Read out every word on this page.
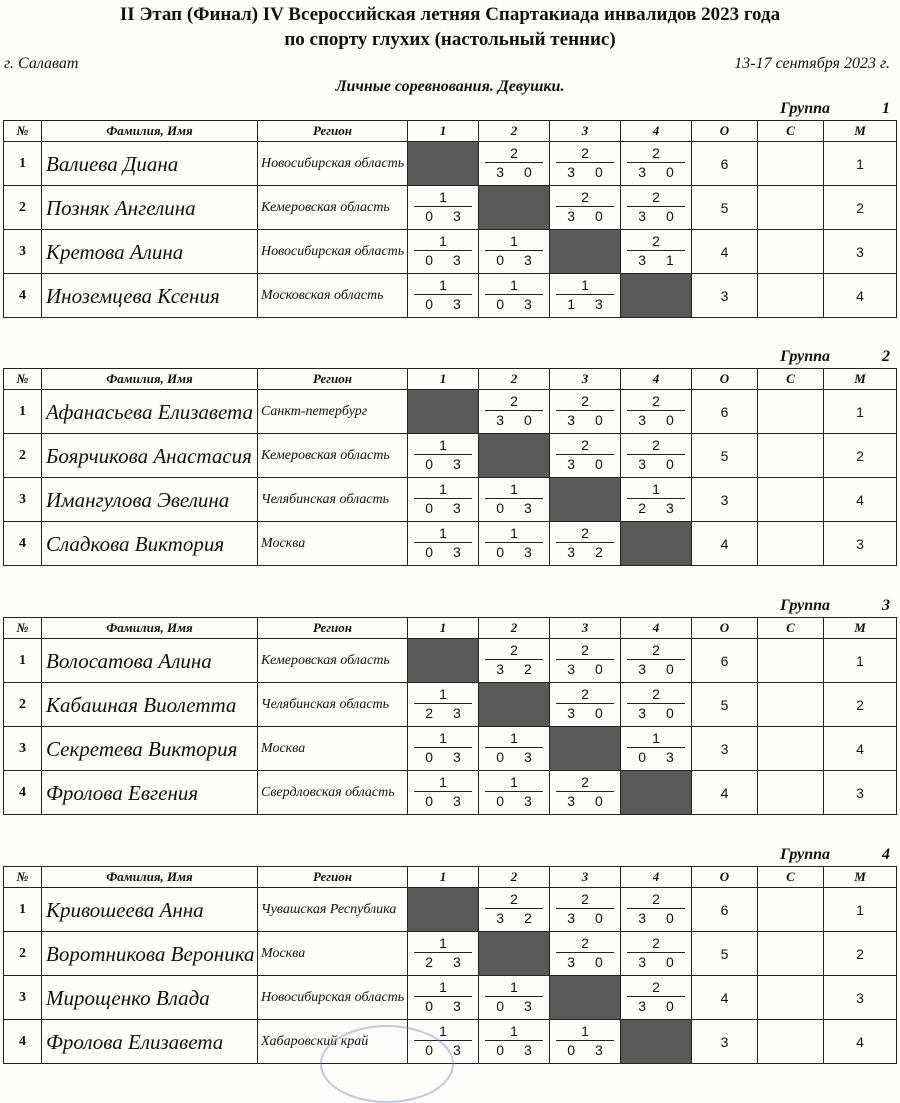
II Этап (Финал) IV Всероссийская летняя Спартакиада инвалидов 2023 года
по спорту глухих (настольный теннис)
г. Салават	13-17 сентября 2023 г.
Личные соревнования. Девушки.
Группа	1
№	Фамилия, Имя	Регион	1	2	3	4	О	С	М
1	Валиева Диана	Новосибирская область		$\frac{2}{3 0}$	$\frac{2}{3 0}$	$\frac{2}{3 0}$	6		1
2	Позняк Ангелина	Кемеровская область	$\frac{1}{0 3}$		$\frac{2}{3 0}$	$\frac{2}{3 0}$	5		2
3	Кретова Алина	Новосибирская область	$\frac{1}{0 3}$	$\frac{1}{0 3}$		$\frac{2}{3 1}$	4		3
4	Иноземцева Ксения	Московская область	$\frac{1}{0 3}$	$\frac{1}{0 3}$	$\frac{1}{1 3}$		3		4
Группа	2
№	Фамилия, Имя	Регион	1	2	3	4	О	С	М
1	Афанасьева Елизавета	Санкт-петербург		$\frac{2}{3 0}$	$\frac{2}{3 0}$	$\frac{2}{3 0}$	6		1
2	Боярчикова Анастасия	Кемеровская область	$\frac{1}{0 3}$		$\frac{2}{3 0}$	$\frac{2}{3 0}$	5		2
3	Имангулова Эвелина	Челябинская область	$\frac{1}{0 3}$	$\frac{1}{0 3}$		$\frac{1}{2 3}$	3		4
4	Сладкова Виктория	Москва	$\frac{1}{0 3}$	$\frac{1}{0 3}$	$\frac{2}{3 2}$		4		3
Группа	3
№	Фамилия, Имя	Регион	1	2	3	4	О	С	М
1	Волосатова Алина	Кемеровская область		$\frac{2}{3 2}$	$\frac{2}{3 0}$	$\frac{2}{3 0}$	6		1
2	Кабашная Виолетта	Челябинская область	$\frac{1}{2 3}$		$\frac{2}{3 0}$	$\frac{2}{3 0}$	5		2
3	Секретева Виктория	Москва	$\frac{1}{0 3}$	$\frac{1}{0 3}$		$\frac{1}{0 3}$	3		4
4	Фролова Евгения	Свердловская область	$\frac{1}{0 3}$	$\frac{1}{0 3}$	$\frac{2}{3 0}$		4		3
Группа	4
№	Фамилия, Имя	Регион	1	2	3	4	О	С	М
1	Кривошеева Анна	Чувашская Республика		$\frac{2}{3 2}$	$\frac{2}{3 0}$	$\frac{2}{3 0}$	6		1
2	Воротникова Вероника	Москва	$\frac{1}{2 3}$		$\frac{2}{3 0}$	$\frac{2}{3 0}$	5		2
3	Мирощенко Влада	Новосибирская область	$\frac{1}{0 3}$	$\frac{1}{0 3}$		$\frac{2}{3 0}$	4		3
4	Фролова Елизавета	Хабаровский край	$\frac{1}{0 3}$	$\frac{1}{0 3}$	$\frac{1}{0 3}$		3		4
